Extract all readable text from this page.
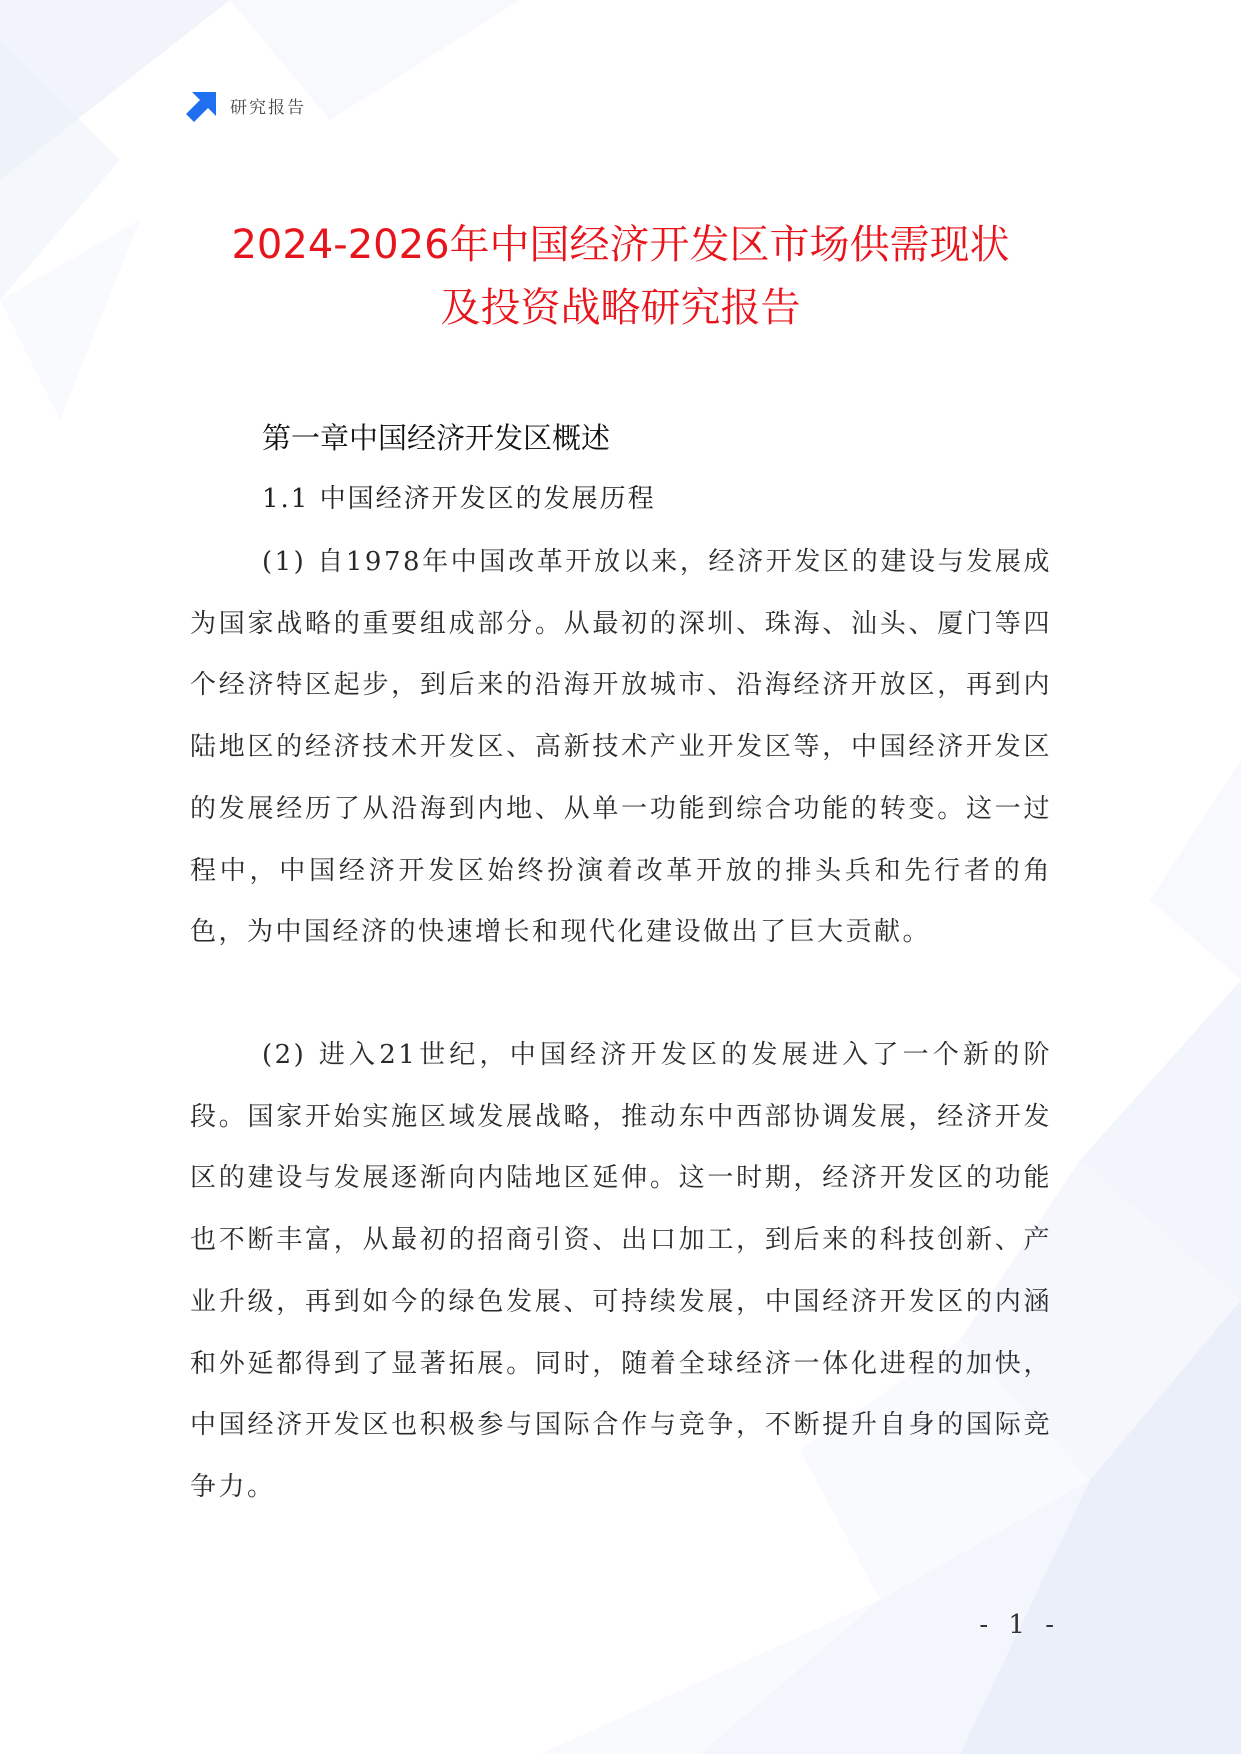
研究报告
2024-2026年中国经济开发区市场供需现状
及投资战略研究报告
第一章中国经济开发区概述
1.1 中国经济开发区的发展历程

(1) 自1978年中国改革开放以来，经济开发区的建设与发展成为国家战略的重要组成部分。从最初的深圳、珠海、汕头、厦门等四个经济特区起步，到后来的沿海开放城市、沿海经济开放区，再到内陆地区的经济技术开发区、高新技术产业开发区等，中国经济开发区的发展经历了从沿海到内地、从单一功能到综合功能的转变。这一过程中，中国经济开发区始终扮演着改革开放的排头兵和先行者的角色，为中国经济的快速增长和现代化建设做出了巨大贡献。

(2) 进入21世纪，中国经济开发区的发展进入了一个新的阶段。国家开始实施区域发展战略，推动东中西部协调发展，经济开发区的建设与发展逐渐向内陆地区延伸。这一时期，经济开发区的功能也不断丰富，从最初的招商引资、出口加工，到后来的科技创新、产业升级，再到如今的绿色发展、可持续发展，中国经济开发区的内涵和外延都得到了显著拓展。同时，随着全球经济一体化进程的加快，中国经济开发区也积极参与国际合作与竞争，不断提升自身的国际竞争力。

- 1 -
